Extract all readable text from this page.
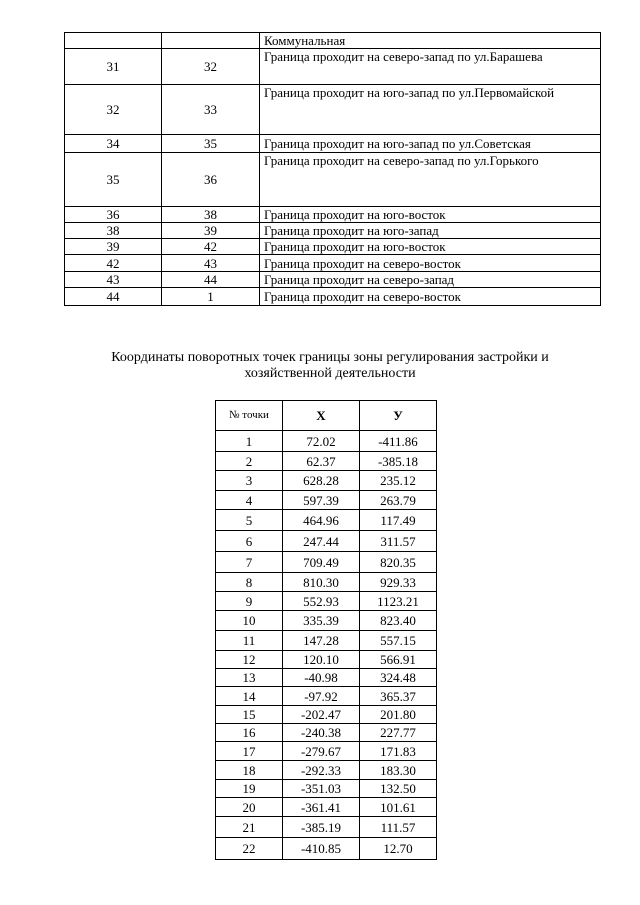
		Коммунальная
31	32	Граница проходит на северо-запад по ул.Барашева
32	33	Граница проходит на юго-запад по ул.Первомайской
34	35	Граница проходит на юго-запад по ул.Советская
35	36	Граница проходит на северо-запад по ул.Горького
36	38	Граница проходит на юго-восток
38	39	Граница проходит на юго-запад
39	42	Граница проходит на юго-восток
42	43	Граница проходит на северо-восток
43	44	Граница проходит на северо-запад
44	1	Граница проходит на северо-восток
Координаты поворотных точек границы зоны регулирования застройки и хозяйственной деятельности
№ точки	X	У
1	72.02	-411.86
2	62.37	-385.18
3	628.28	235.12
4	597.39	263.79
5	464.96	117.49
6	247.44	311.57
7	709.49	820.35
8	810.30	929.33
9	552.93	1123.21
10	335.39	823.40
11	147.28	557.15
12	120.10	566.91
13	-40.98	324.48
14	-97.92	365.37
15	-202.47	201.80
16	-240.38	227.77
17	-279.67	171.83
18	-292.33	183.30
19	-351.03	132.50
20	-361.41	101.61
21	-385.19	111.57
22	-410.85	12.70
